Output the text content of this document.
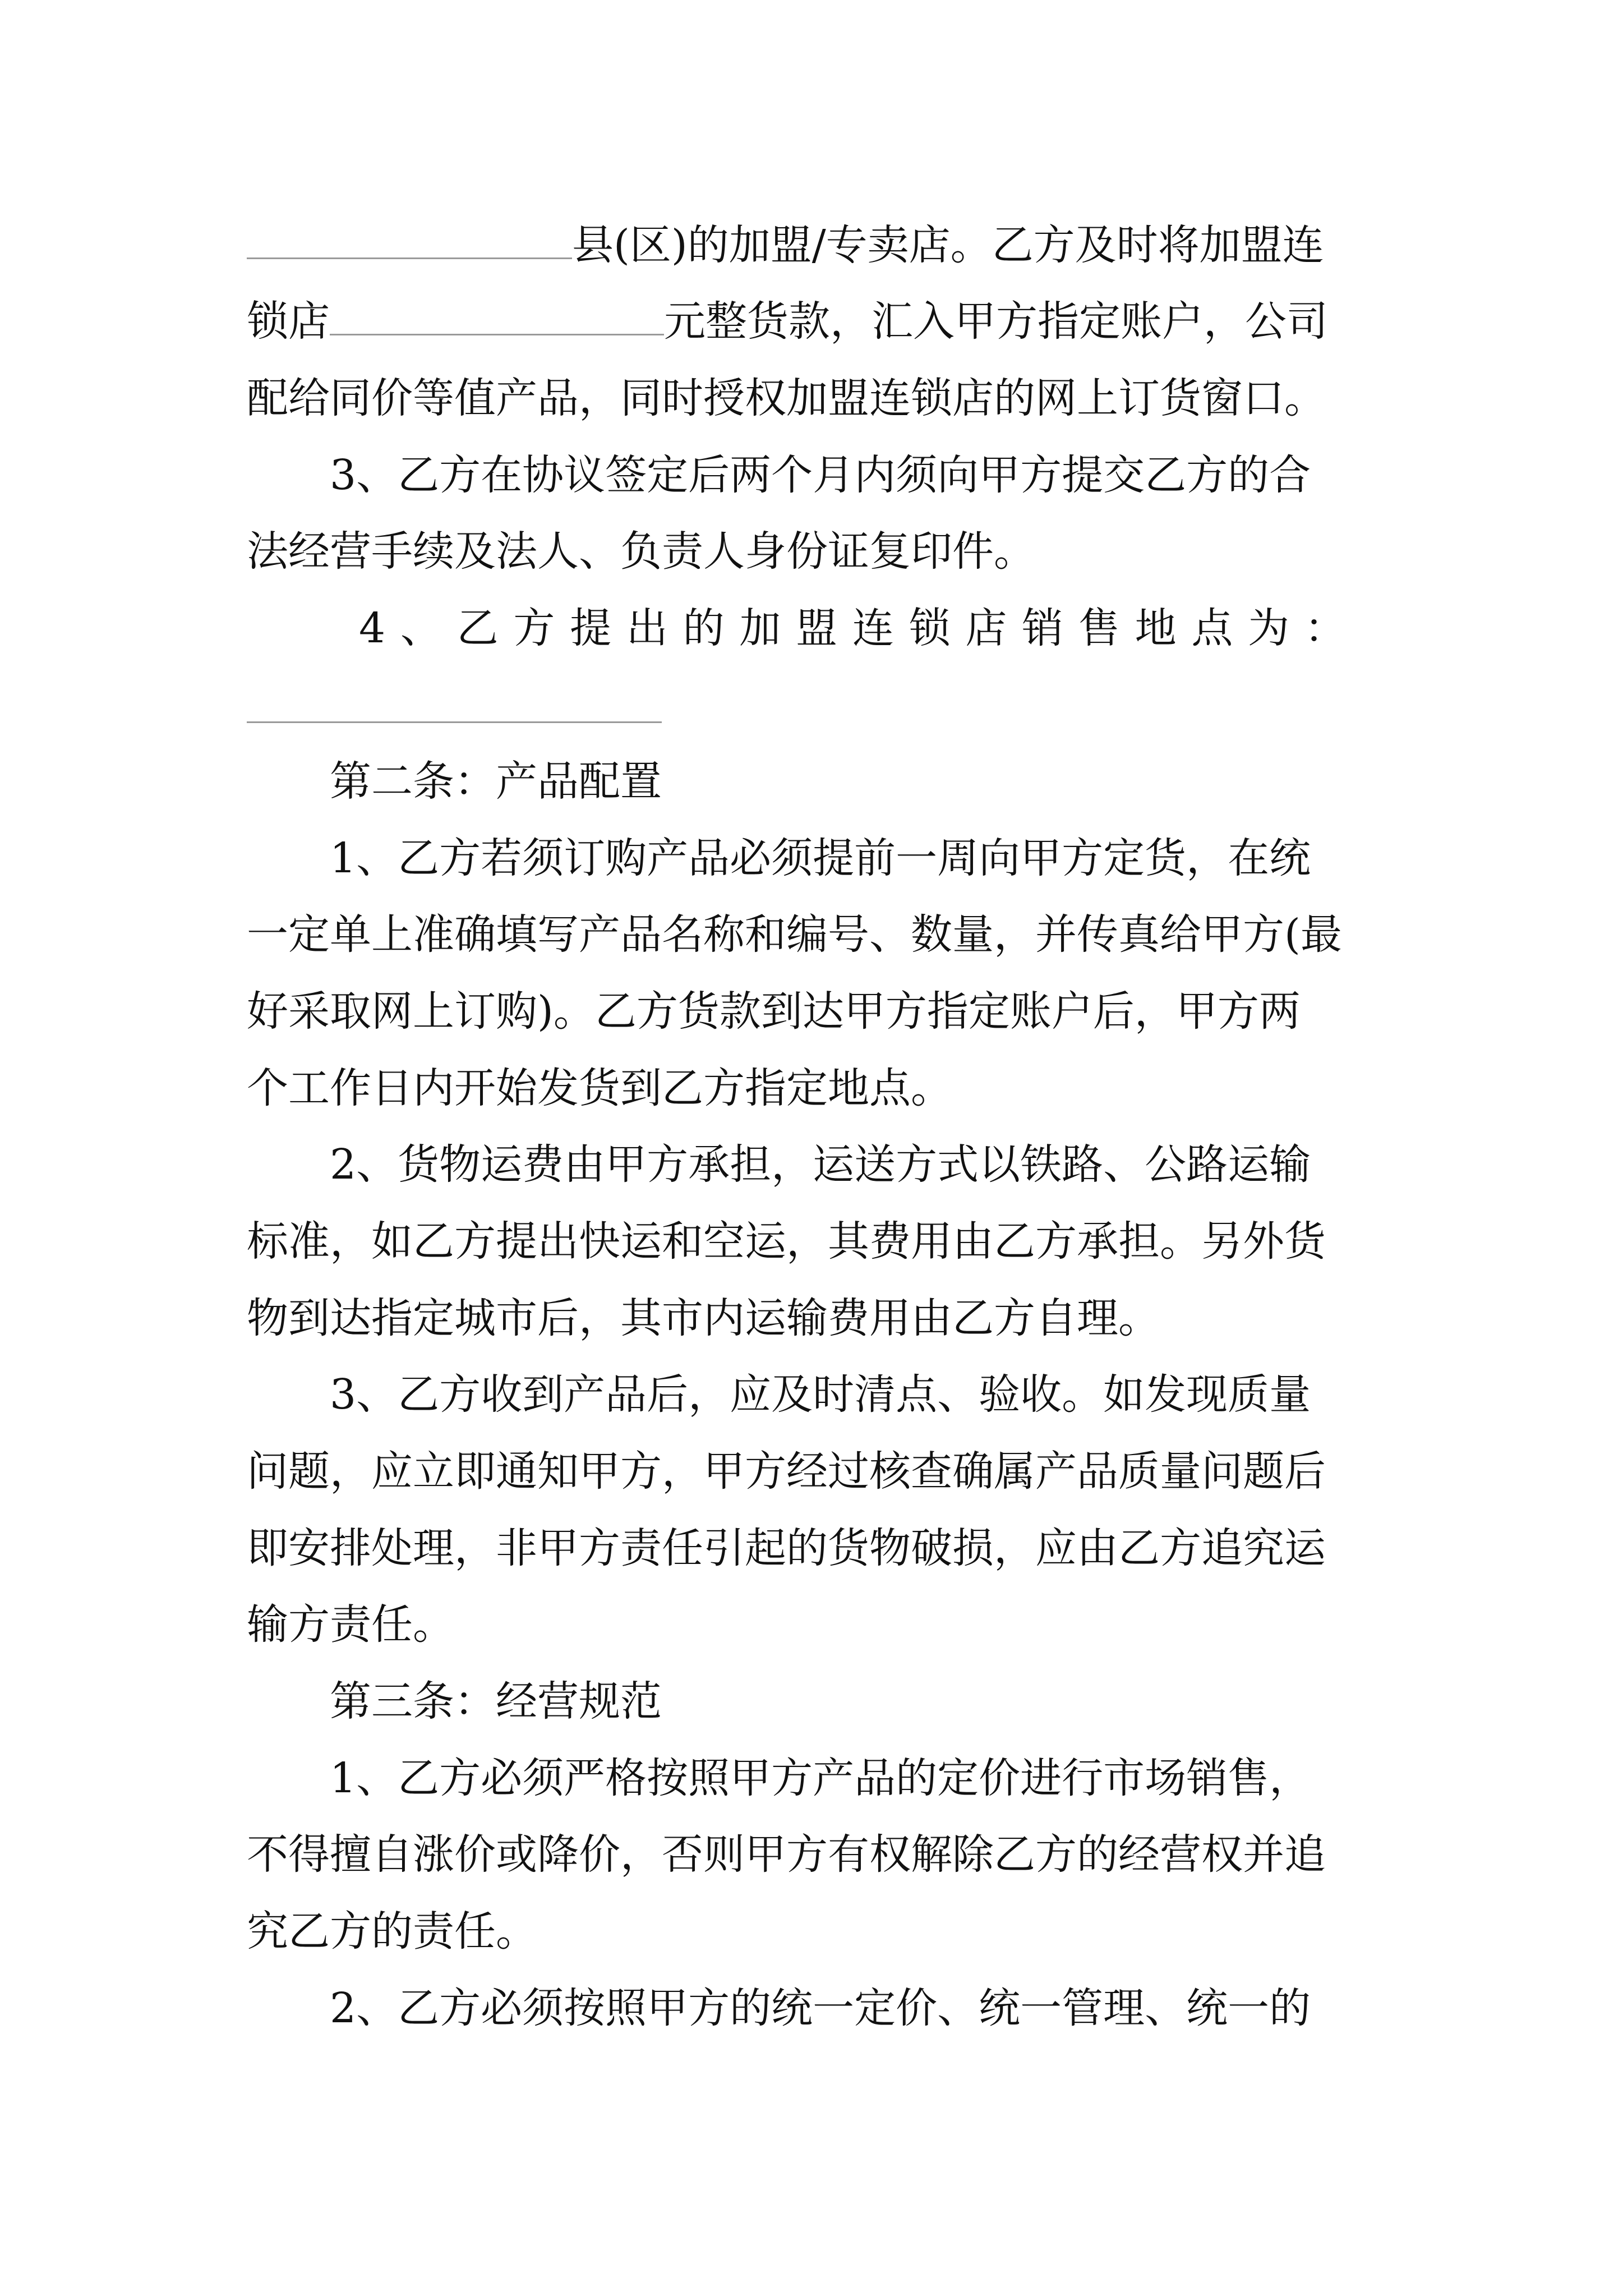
县(区)的加盟/专卖店。乙方及时将加盟连
锁店	元整货款，汇入甲方指定账户，公司
配给同价等值产品，同时授权加盟连锁店的网上订货窗口。
3、乙方在协议签定后两个月内须向甲方提交乙方的合
法经营手续及法人、负责人身份证复印件。
4 、 乙 方 提 出 的 加 盟 连 锁 店 销 售 地 点 为 ：
第二条：产品配置
1、乙方若须订购产品必须提前一周向甲方定货，在统
一定单上准确填写产品名称和编号、数量，并传真给甲方(最
好采取网上订购)。乙方货款到达甲方指定账户后，甲方两
个工作日内开始发货到乙方指定地点。
2、货物运费由甲方承担，运送方式以铁路、公路运输
标准，如乙方提出快运和空运，其费用由乙方承担。另外货
物到达指定城市后，其市内运输费用由乙方自理。
3、乙方收到产品后，应及时清点、验收。如发现质量
问题，应立即通知甲方，甲方经过核查确属产品质量问题后
即安排处理，非甲方责任引起的货物破损，应由乙方追究运
输方责任。
第三条：经营规范
1、乙方必须严格按照甲方产品的定价进行市场销售，
不得擅自涨价或降价，否则甲方有权解除乙方的经营权并追
究乙方的责任。
2、乙方必须按照甲方的统一定价、统一管理、统一的
